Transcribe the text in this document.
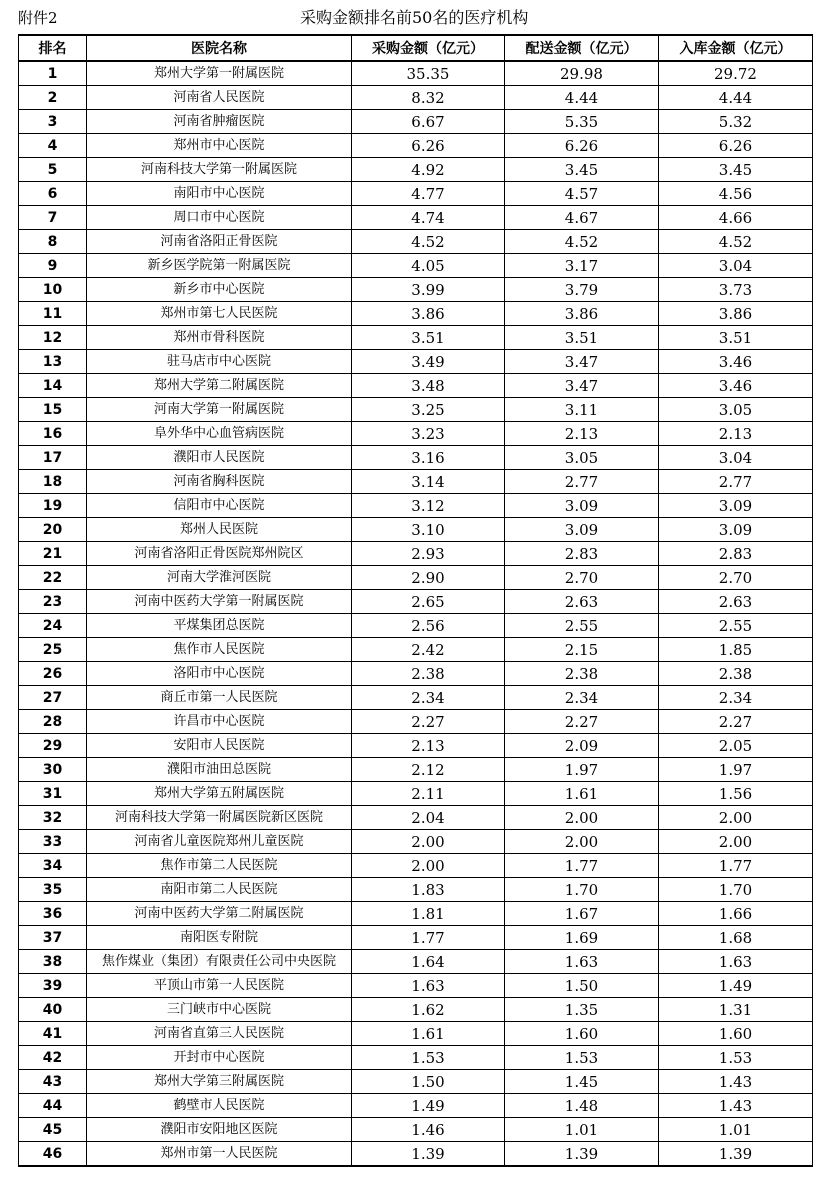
附件2	采购金额排名前50名的医疗机构
排名	医院名称	采购金额（亿元）	配送金额（亿元）	入库金额（亿元）
1	郑州大学第一附属医院	35.35	29.98	29.72
2	河南省人民医院	8.32	4.44	4.44
3	河南省肿瘤医院	6.67	5.35	5.32
4	郑州市中心医院	6.26	6.26	6.26
5	河南科技大学第一附属医院	4.92	3.45	3.45
6	南阳市中心医院	4.77	4.57	4.56
7	周口市中心医院	4.74	4.67	4.66
8	河南省洛阳正骨医院	4.52	4.52	4.52
9	新乡医学院第一附属医院	4.05	3.17	3.04
10	新乡市中心医院	3.99	3.79	3.73
11	郑州市第七人民医院	3.86	3.86	3.86
12	郑州市骨科医院	3.51	3.51	3.51
13	驻马店市中心医院	3.49	3.47	3.46
14	郑州大学第二附属医院	3.48	3.47	3.46
15	河南大学第一附属医院	3.25	3.11	3.05
16	阜外华中心血管病医院	3.23	2.13	2.13
17	濮阳市人民医院	3.16	3.05	3.04
18	河南省胸科医院	3.14	2.77	2.77
19	信阳市中心医院	3.12	3.09	3.09
20	郑州人民医院	3.10	3.09	3.09
21	河南省洛阳正骨医院郑州院区	2.93	2.83	2.83
22	河南大学淮河医院	2.90	2.70	2.70
23	河南中医药大学第一附属医院	2.65	2.63	2.63
24	平煤集团总医院	2.56	2.55	2.55
25	焦作市人民医院	2.42	2.15	1.85
26	洛阳市中心医院	2.38	2.38	2.38
27	商丘市第一人民医院	2.34	2.34	2.34
28	许昌市中心医院	2.27	2.27	2.27
29	安阳市人民医院	2.13	2.09	2.05
30	濮阳市油田总医院	2.12	1.97	1.97
31	郑州大学第五附属医院	2.11	1.61	1.56
32	河南科技大学第一附属医院新区医院	2.04	2.00	2.00
33	河南省儿童医院郑州儿童医院	2.00	2.00	2.00
34	焦作市第二人民医院	2.00	1.77	1.77
35	南阳市第二人民医院	1.83	1.70	1.70
36	河南中医药大学第二附属医院	1.81	1.67	1.66
37	南阳医专附院	1.77	1.69	1.68
38	焦作煤业（集团）有限责任公司中央医院	1.64	1.63	1.63
39	平顶山市第一人民医院	1.63	1.50	1.49
40	三门峡市中心医院	1.62	1.35	1.31
41	河南省直第三人民医院	1.61	1.60	1.60
42	开封市中心医院	1.53	1.53	1.53
43	郑州大学第三附属医院	1.50	1.45	1.43
44	鹤壁市人民医院	1.49	1.48	1.43
45	濮阳市安阳地区医院	1.46	1.01	1.01
46	郑州市第一人民医院	1.39	1.39	1.39
